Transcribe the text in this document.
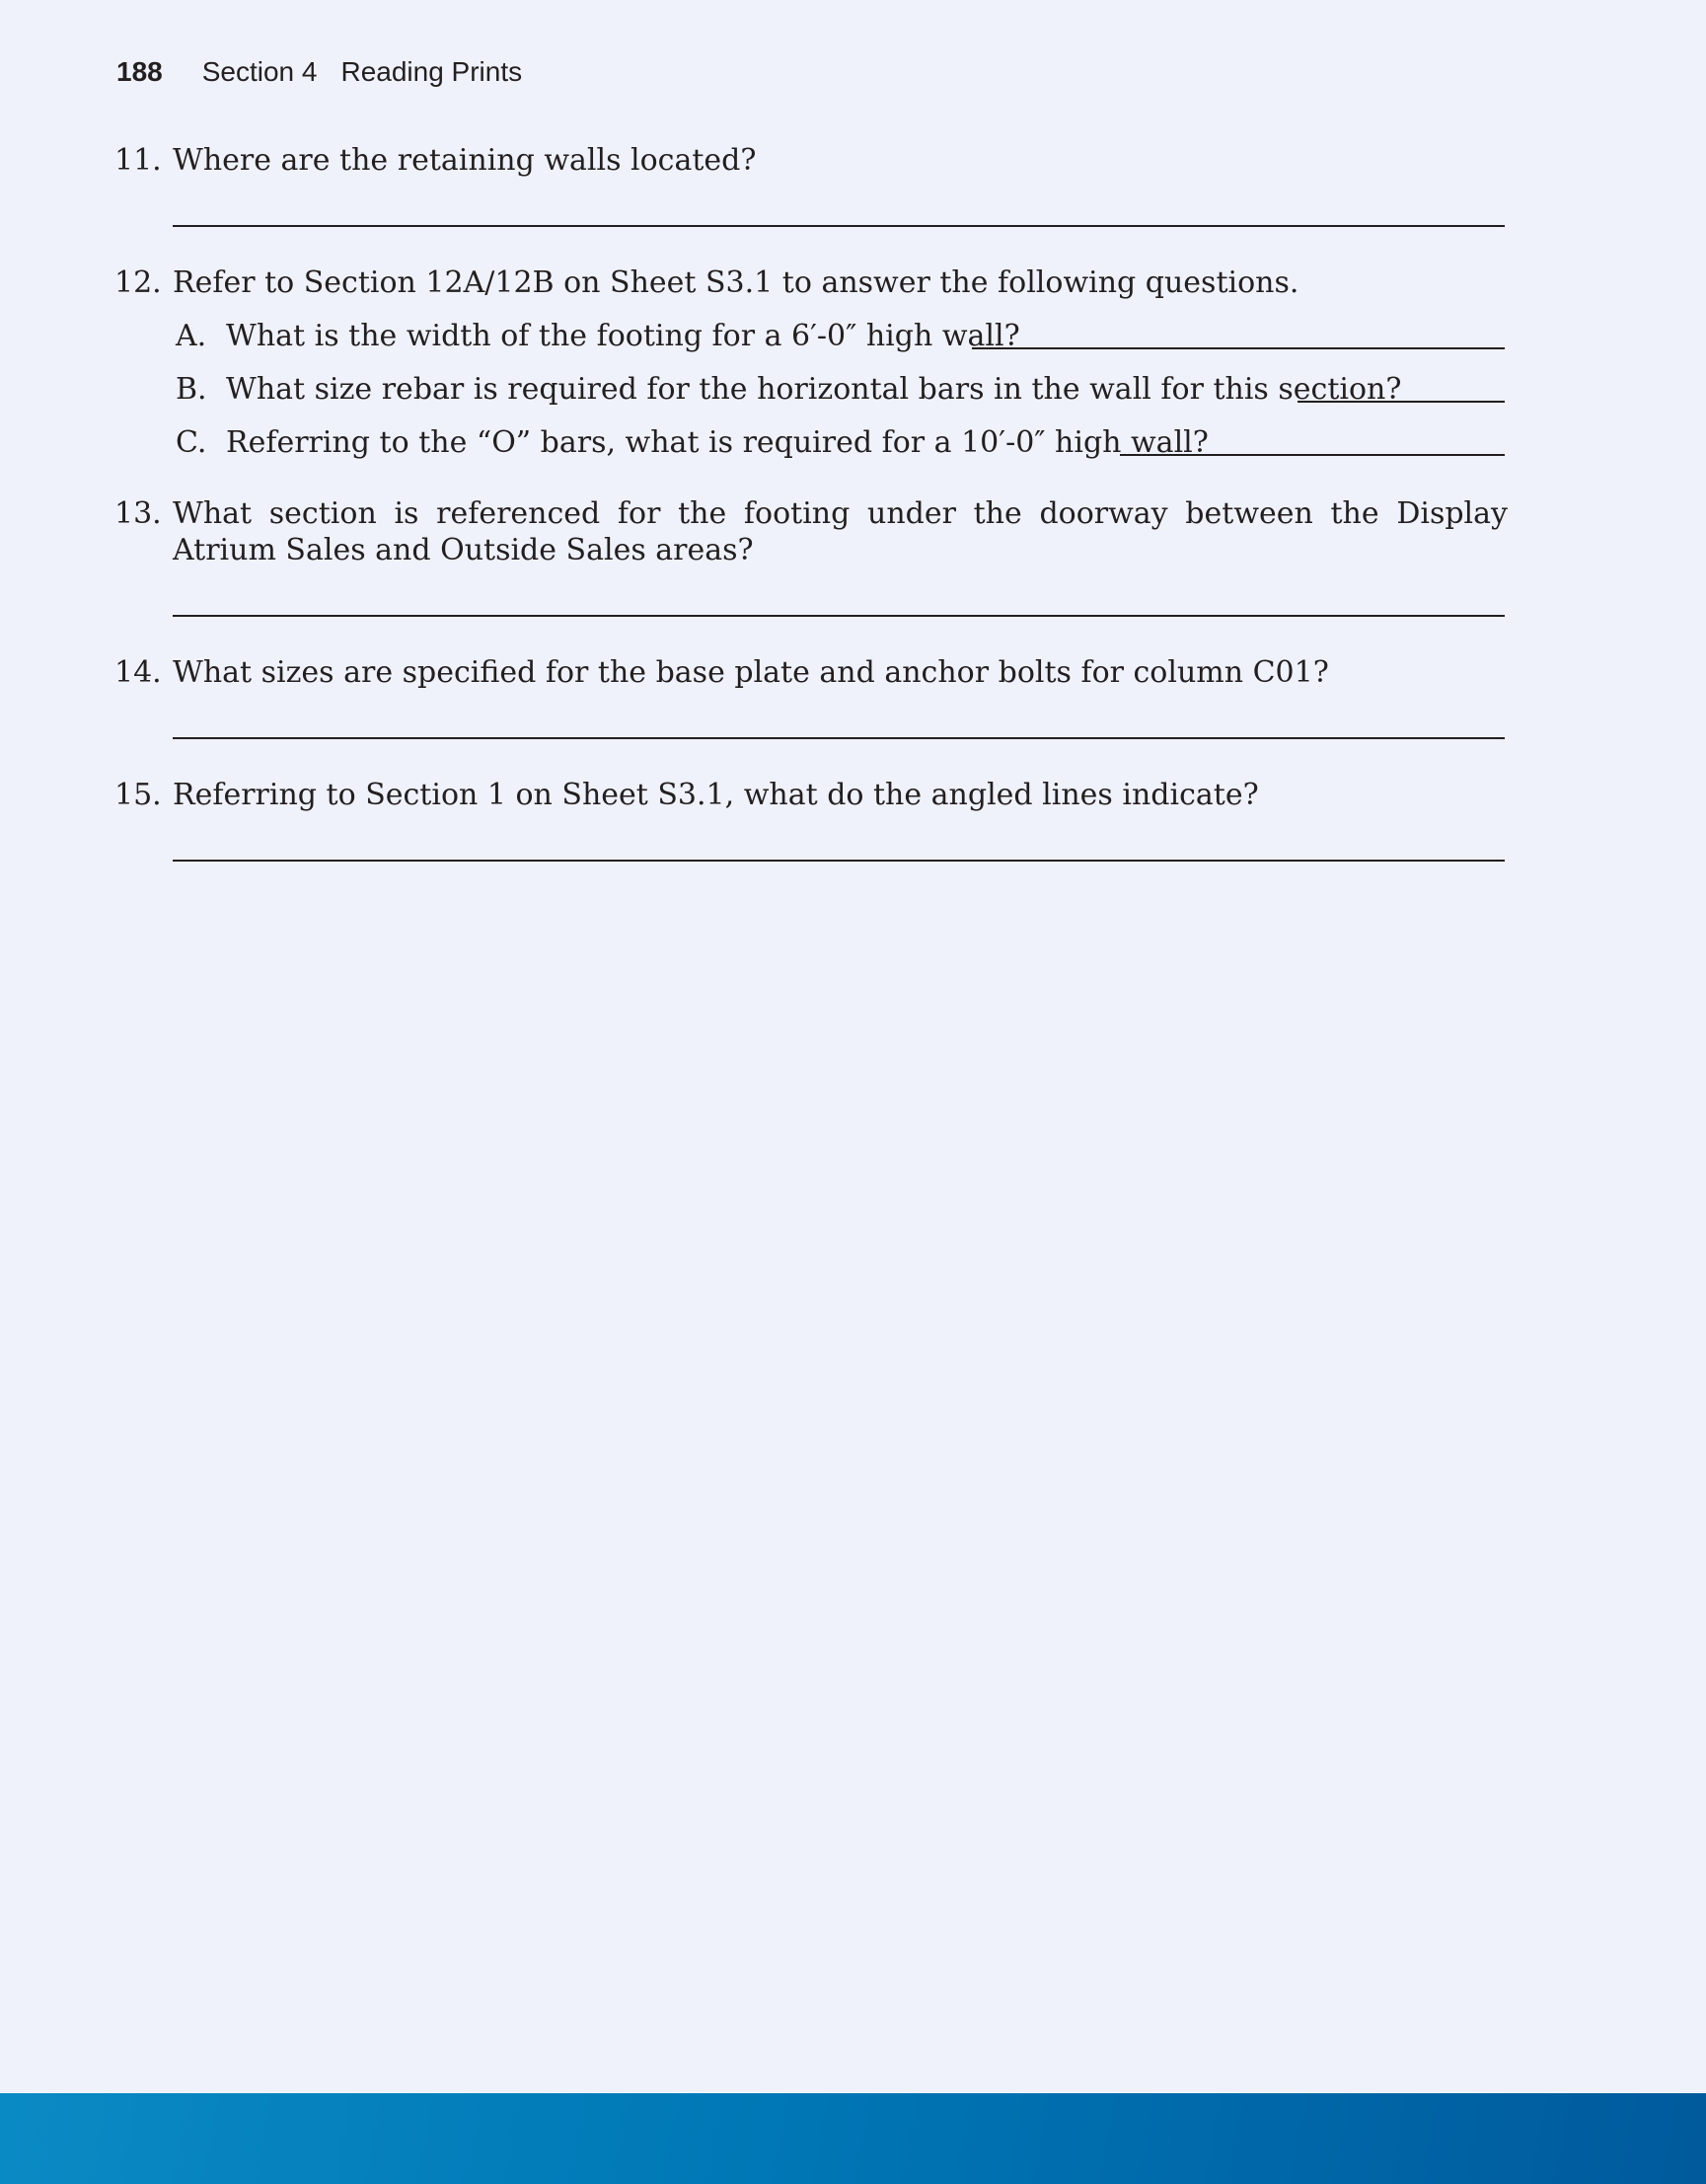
188 Section 4 Reading Prints
11. Where are the retaining walls located?
12. Refer to Section 12A/12B on Sheet S3.1 to answer the following questions.
A. What is the width of the footing for a 6′-0″ high wall?
B. What size rebar is required for the horizontal bars in the wall for this section?
C. Referring to the “O” bars, what is required for a 10′-0″ high wall?
13. What section is referenced for the footing under the doorway between the Display Atrium Sales and Outside Sales areas?
14. What sizes are specified for the base plate and anchor bolts for column C01?
15. Referring to Section 1 on Sheet S3.1, what do the angled lines indicate?
